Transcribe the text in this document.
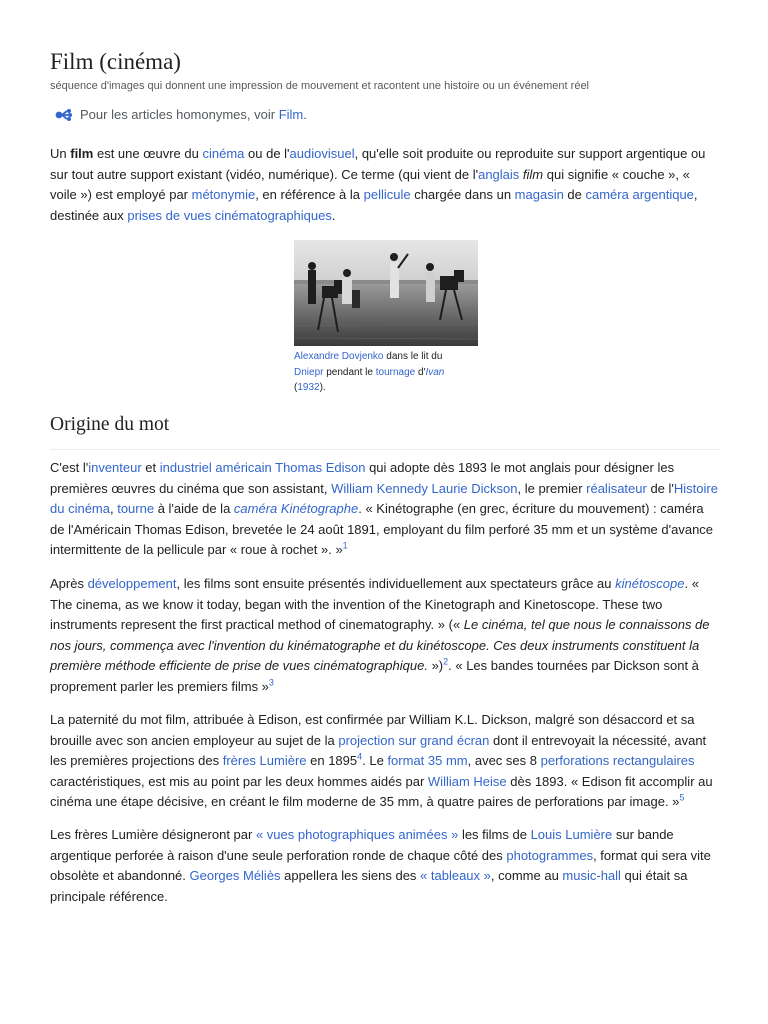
Film (cinéma)
séquence d'images qui donnent une impression de mouvement et racontent une histoire ou un événement réel
Pour les articles homonymes, voir Film.

Un film est une œuvre du cinéma ou de l'audiovisuel, qu'elle soit produite ou reproduite sur support argentique ou sur tout autre support existant (vidéo, numérique). Ce terme (qui vient de l'anglais film qui signifie « couche », « voile ») est employé par métonymie, en référence à la pellicule chargée dans un magasin de caméra argentique, destinée aux prises de vues cinématographiques.

Alexandre Dovjenko dans le lit du Dniepr pendant le tournage d'Ivan (1932).
Origine du mot

C'est l'inventeur et industriel américain Thomas Edison qui adopte dès 1893 le mot anglais pour désigner les premières œuvres du cinéma que son assistant, William Kennedy Laurie Dickson, le premier réalisateur de l'Histoire du cinéma, tourne à l'aide de la caméra Kinétographe. « Kinétographe (en grec, écriture du mouvement) : caméra de l'Américain Thomas Edison, brevetée le 24 août 1891, employant du film perforé 35 mm et un système d'avance intermittente de la pellicule par « roue à rochet ». »$^1$

Après développement, les films sont ensuite présentés individuellement aux spectateurs grâce au kinétoscope. « The cinema, as we know it today, began with the invention of the Kinetograph and Kinetoscope. These two instruments represent the first practical method of cinematography. » (« Le cinéma, tel que nous le connaissons de nos jours, commença avec l'invention du kinématographe et du kinétoscope. Ces deux instruments constituent la première méthode efficiente de prise de vues cinématographique. »)$^2$. « Les bandes tournées par Dickson sont à proprement parler les premiers films »$^3$

La paternité du mot film, attribuée à Edison, est confirmée par William K.L. Dickson, malgré son désaccord et sa brouille avec son ancien employeur au sujet de la projection sur grand écran dont il entrevoyait la nécessité, avant les premières projections des frères Lumière en 1895$^4$. Le format 35 mm, avec ses 8 perforations rectangulaires caractéristiques, est mis au point par les deux hommes aidés par William Heise dès 1893. « Edison fit accomplir au cinéma une étape décisive, en créant le film moderne de 35 mm, à quatre paires de perforations par image. »$^5$

Les frères Lumière désigneront par « vues photographiques animées » les films de Louis Lumière sur bande argentique perforée à raison d'une seule perforation ronde de chaque côté des photogrammes, format qui sera vite obsolète et abandonné. Georges Méliès appellera les siens des « tableaux », comme au music-hall qui était sa principale référence.
